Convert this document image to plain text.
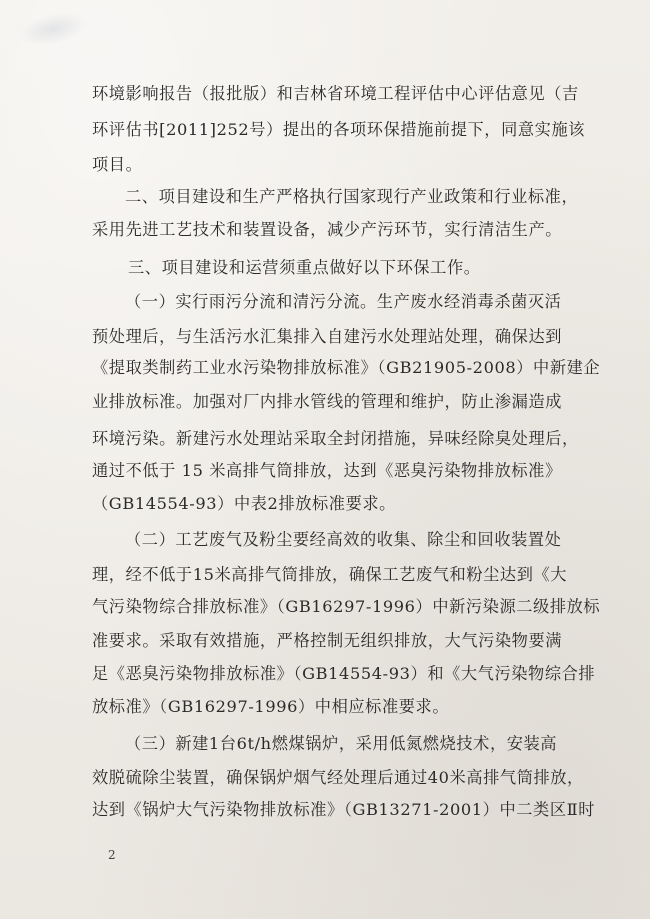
环境影响报告（报批版）和吉林省环境工程评估中心评估意见（吉
环评估书[2011]252号）提出的各项环保措施前提下，同意实施该
项目。
二、项目建设和生产严格执行国家现行产业政策和行业标准，
采用先进工艺技术和装置设备，减少产污环节，实行清洁生产。
三、项目建设和运营须重点做好以下环保工作。
（一）实行雨污分流和清污分流。生产废水经消毒杀菌灭活
预处理后，与生活污水汇集排入自建污水处理站处理，确保达到
《提取类制药工业水污染物排放标准》（GB21905-2008）中新建企
业排放标准。加强对厂内排水管线的管理和维护，防止渗漏造成
环境污染。新建污水处理站采取全封闭措施，异味经除臭处理后，
通过不低于 15 米高排气筒排放，达到《恶臭污染物排放标准》
（GB14554-93）中表2排放标准要求。
（二）工艺废气及粉尘要经高效的收集、除尘和回收装置处
理，经不低于15米高排气筒排放，确保工艺废气和粉尘达到《大
气污染物综合排放标准》（GB16297-1996）中新污染源二级排放标
准要求。采取有效措施，严格控制无组织排放，大气污染物要满
足《恶臭污染物排放标准》（GB14554-93）和《大气污染物综合排
放标准》（GB16297-1996）中相应标准要求。
（三）新建1台6t/h燃煤锅炉，采用低氮燃烧技术，安装高
效脱硫除尘装置，确保锅炉烟气经处理后通过40米高排气筒排放，
达到《锅炉大气污染物排放标准》（GB13271-2001）中二类区Ⅱ时
2
